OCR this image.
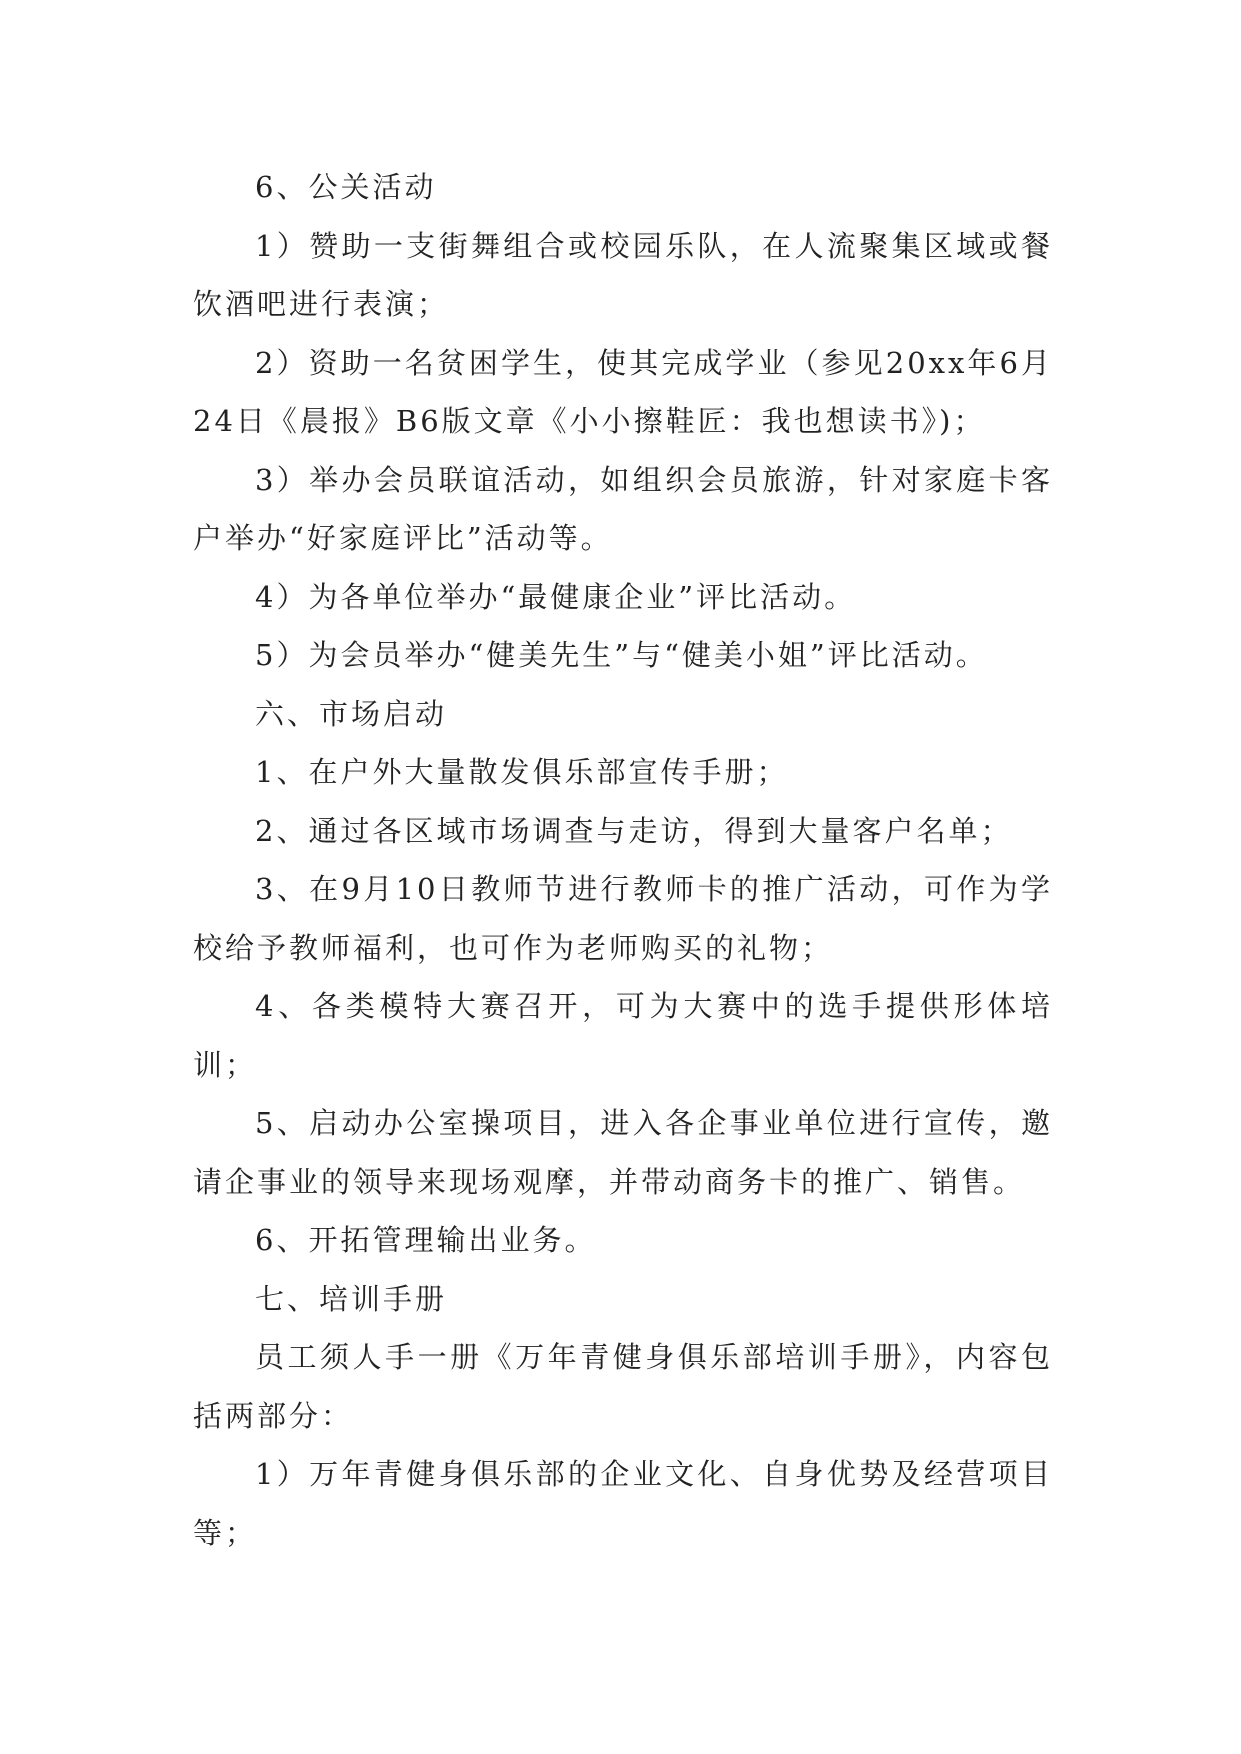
6、公关活动

1）赞助一支街舞组合或校园乐队，在人流聚集区域或餐饮酒吧进行表演；

2）资助一名贫困学生，使其完成学业（参见20xx年6月24日《晨报》B6版文章《小小擦鞋匠：我也想读书》)；

3）举办会员联谊活动，如组织会员旅游，针对家庭卡客户举办“好家庭评比”活动等。

4）为各单位举办“最健康企业”评比活动。

5）为会员举办“健美先生”与“健美小姐”评比活动。

六、市场启动

1、在户外大量散发俱乐部宣传手册；

2、通过各区域市场调查与走访，得到大量客户名单；

3、在9月10日教师节进行教师卡的推广活动，可作为学校给予教师福利，也可作为老师购买的礼物；

4、各类模特大赛召开，可为大赛中的选手提供形体培训；

5、启动办公室操项目，进入各企事业单位进行宣传，邀请企事业的领导来现场观摩，并带动商务卡的推广、销售。

6、开拓管理输出业务。

七、培训手册

员工须人手一册《万年青健身俱乐部培训手册》，内容包括两部分：

1）万年青健身俱乐部的企业文化、自身优势及经营项目等；
